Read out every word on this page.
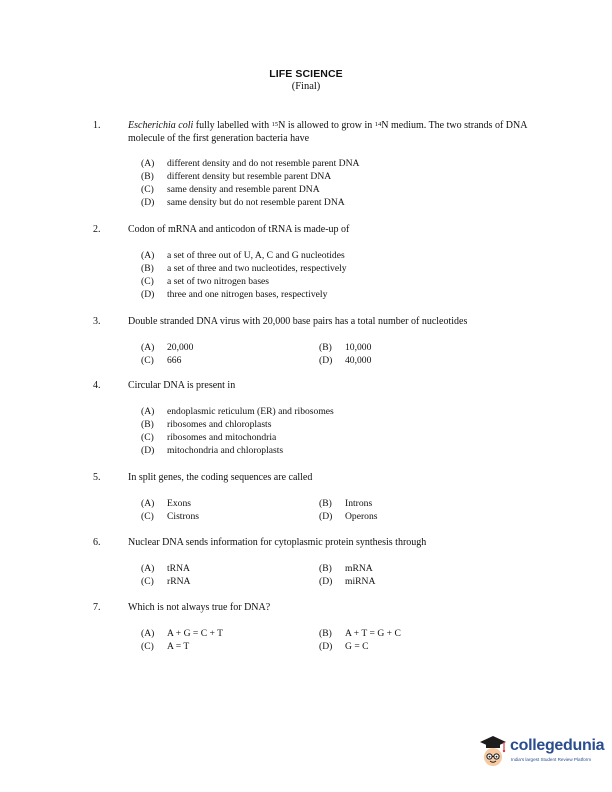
LIFE SCIENCE
(Final)
1.	Escherichia coli fully labelled with $^{15}$N is allowed to grow in $^{14}$N medium. The two strands of DNA molecule of the first generation bacteria have
(A) different density and do not resemble parent DNA
(B) different density but resemble parent DNA
(C) same density and resemble parent DNA
(D) same density but do not resemble parent DNA
2.	Codon of mRNA and anticodon of tRNA is made-up of
(A) a set of three out of U, A, C and G nucleotides
(B) a set of three and two nucleotides, respectively
(C) a set of two nitrogen bases
(D) three and one nitrogen bases, respectively
3.	Double stranded DNA virus with 20,000 base pairs has a total number of nucleotides
(A) 20,000	(B) 10,000
(C) 666	(D) 40,000
4.	Circular DNA is present in
(A) endoplasmic reticulum (ER) and ribosomes
(B) ribosomes and chloroplasts
(C) ribosomes and mitochondria
(D) mitochondria and chloroplasts
5.	In split genes, the coding sequences are called
(A) Exons	(B) Introns
(C) Cistrons	(D) Operons
6.	Nuclear DNA sends information for cytoplasmic protein synthesis through
(A) tRNA	(B) mRNA
(C) rRNA	(D) miRNA
7.	Which is not always true for DNA?
(A) A + G = C + T	(B) A + T = G + C
(C) A = T	(D) G = C
collegedunia
India's largest Student Review Platform
